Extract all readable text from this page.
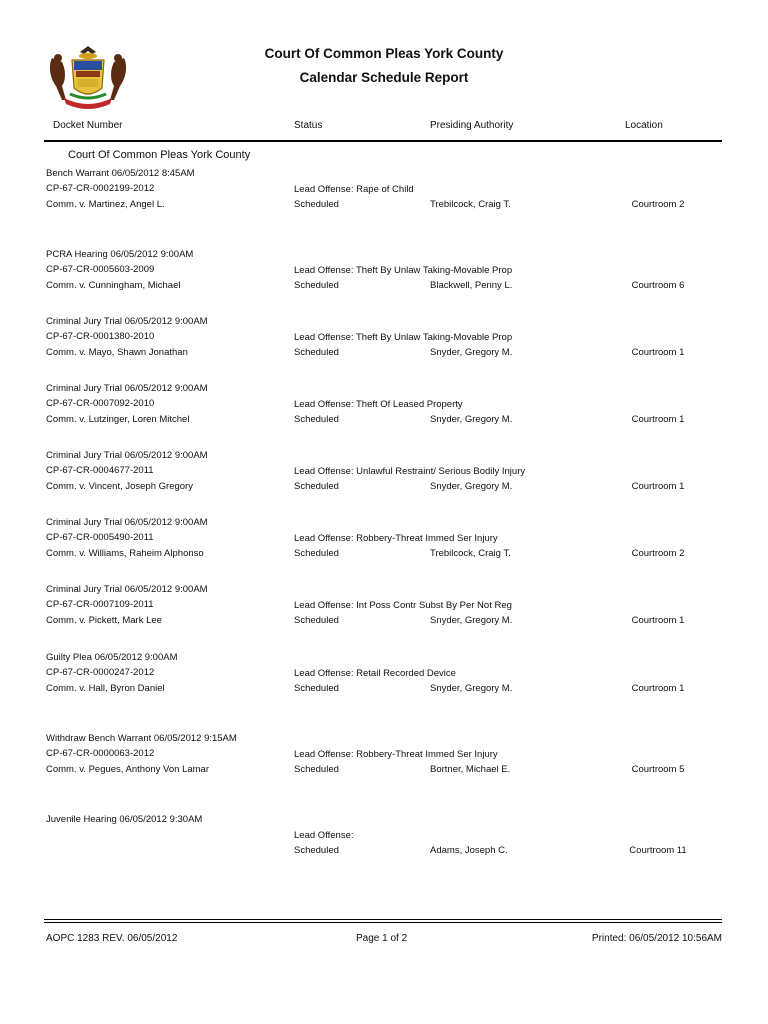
Court Of Common Pleas York County
Calendar Schedule Report
Docket Number	Status	Presiding Authority	Location
Court Of Common Pleas York County
Bench Warrant 06/05/2012 8:45AM
CP-67-CR-0002199-2012
Comm. v. Martinez, Angel L.
Lead Offense: Rape of Child
Scheduled	Trebilcock, Craig T.	Courtroom 2
PCRA Hearing 06/05/2012 9:00AM
CP-67-CR-0005603-2009
Comm. v. Cunningham, Michael
Lead Offense: Theft By Unlaw Taking-Movable Prop
Scheduled	Blackwell, Penny L.	Courtroom 6
Criminal Jury Trial 06/05/2012 9:00AM
CP-67-CR-0001380-2010
Comm. v. Mayo, Shawn Jonathan
Lead Offense: Theft By Unlaw Taking-Movable Prop
Scheduled	Snyder, Gregory M.	Courtroom 1
Criminal Jury Trial 06/05/2012 9:00AM
CP-67-CR-0007092-2010
Comm. v. Lutzinger, Loren Mitchel
Lead Offense: Theft Of Leased Property
Scheduled	Snyder, Gregory M.	Courtroom 1
Criminal Jury Trial 06/05/2012 9:00AM
CP-67-CR-0004677-2011
Comm. v. Vincent, Joseph Gregory
Lead Offense: Unlawful Restraint/ Serious Bodily Injury
Scheduled	Snyder, Gregory M.	Courtroom 1
Criminal Jury Trial 06/05/2012 9:00AM
CP-67-CR-0005490-2011
Comm. v. Williams, Raheim Alphonso
Lead Offense: Robbery-Threat Immed Ser Injury
Scheduled	Trebilcock, Craig T.	Courtroom 2
Criminal Jury Trial 06/05/2012 9:00AM
CP-67-CR-0007109-2011
Comm. v. Pickett, Mark Lee
Lead Offense: Int Poss Contr Subst By Per Not Reg
Scheduled	Snyder, Gregory M.	Courtroom 1
Guilty Plea 06/05/2012 9:00AM
CP-67-CR-0000247-2012
Comm. v. Hall, Byron Daniel
Lead Offense: Retail Recorded Device
Scheduled	Snyder, Gregory M.	Courtroom 1
Withdraw Bench Warrant 06/05/2012 9:15AM
CP-67-CR-0000063-2012
Comm. v. Pegues, Anthony Von Lamar
Lead Offense: Robbery-Threat Immed Ser Injury
Scheduled	Bortner, Michael E.	Courtroom 5
Juvenile Hearing 06/05/2012 9:30AM
Lead Offense:
Scheduled	Adams, Joseph C.	Courtroom 11
AOPC 1283 REV. 06/05/2012	Page 1 of 2	Printed: 06/05/2012 10:56AM
